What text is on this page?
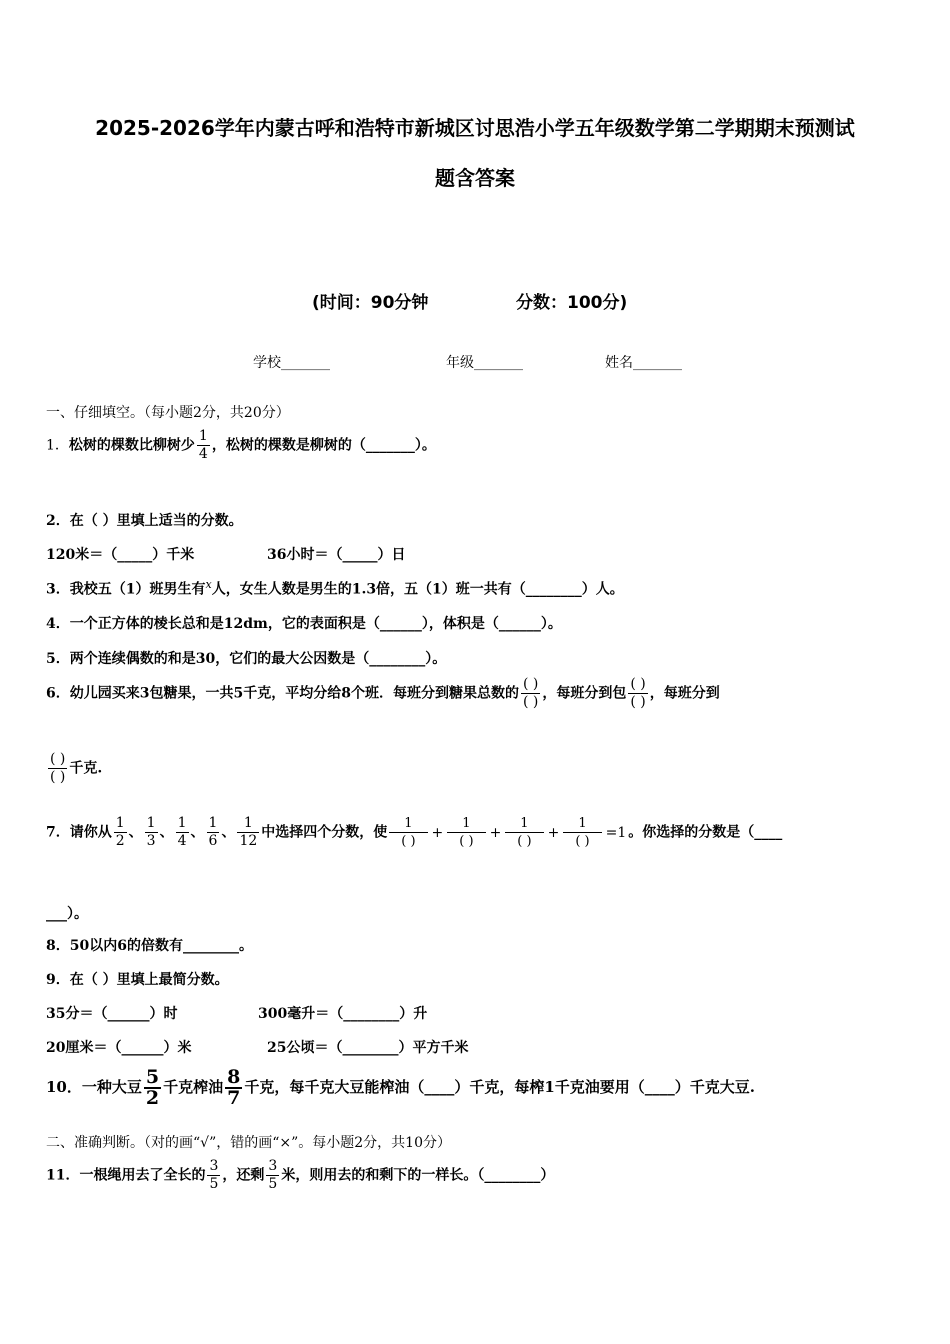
2025-2026学年内蒙古呼和浩特市新城区讨思浩小学五年级数学第二学期期末预测试
题含答案
(时间：90分钟	分数：100分)
学校_______	年级_______	姓名_______
一、仔细填空。（每小题2分，共20分）
1．松树的棵数比柳树少 $\frac{1}{4}$ ，松树的棵数是柳树的（_______）。
2．在（ ）里填上适当的分数。
120米＝（_____）千米	36小时＝（_____）日
3．我校五（1）班男生有$^x$人，女生人数是男生的1.3倍，五（1）班一共有（________）人。
4．一个正方体的棱长总和是12dm，它的表面积是（______），体积是（______）。
5．两个连续偶数的和是30，它们的最大公因数是（________）。
6．幼儿园买来3包糖果，一共5千克，平均分给8个班．每班分到糖果总数的 $\frac{( )}{( )}$ ，每班分到包 $\frac{( )}{( )}$ ，每班分到
$\frac{( )}{( )}$ 千克.
7．请你从 $\frac{1}{2}$ 、 $\frac{1}{3}$ 、 $\frac{1}{4}$ 、 $\frac{1}{6}$ 、 $\frac{1}{12}$ 中选择四个分数，使 $\frac{1}{( )} + \frac{1}{( )} + \frac{1}{( )} + \frac{1}{( )} =1$ 。你选择的分数是（____
___）。
8．50以内6的倍数有________。
9．在（ ）里填上最简分数。
35分＝（______）时	300毫升＝（________）升
20厘米＝（______）米	25公顷＝（________）平方千米
10．一种大豆 $\frac{5}{2}$ 千克榨油 $\frac{8}{7}$ 千克，每千克大豆能榨油（____）千克，每榨1千克油要用（____）千克大豆.
二、准确判断。（对的画“√”，错的画“×”。每小题2分，共10分）
11．一根绳用去了全长的 $\frac{3}{5}$ ，还剩 $\frac{3}{5}$ 米，则用去的和剩下的一样长。（________）
